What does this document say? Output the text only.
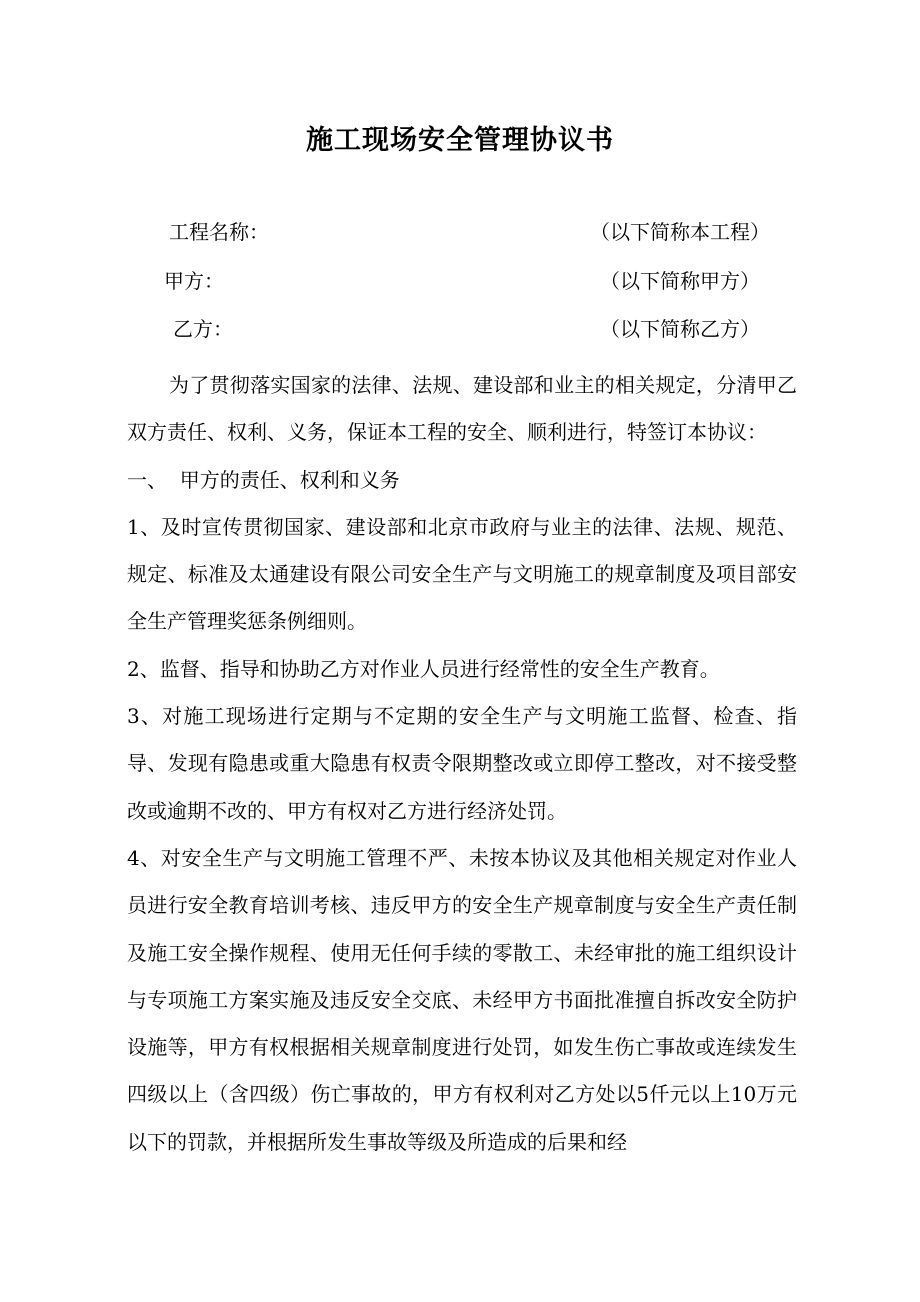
施工现场安全管理协议书
工程名称：	（以下简称本工程）
甲方：	（以下简称甲方）
乙方：	（以下简称乙方）

为了贯彻落实国家的法律、法规、建设部和业主的相关规定，分清甲乙双方责任、权利、义务，保证本工程的安全、顺利进行，特签订本协议：

一、  甲方的责任、权利和义务

1、及时宣传贯彻国家、建设部和北京市政府与业主的法律、法规、规范、规定、标准及太通建设有限公司安全生产与文明施工的规章制度及项目部安全生产管理奖惩条例细则。

2、监督、指导和协助乙方对作业人员进行经常性的安全生产教育。

3、对施工现场进行定期与不定期的安全生产与文明施工监督、检查、指导、发现有隐患或重大隐患有权责令限期整改或立即停工整改，对不接受整改或逾期不改的、甲方有权对乙方进行经济处罚。

4、对安全生产与文明施工管理不严、未按本协议及其他相关规定对作业人员进行安全教育培训考核、违反甲方的安全生产规章制度与安全生产责任制及施工安全操作规程、使用无任何手续的零散工、未经审批的施工组织设计与专项施工方案实施及违反安全交底、未经甲方书面批准擅自拆改安全防护设施等，甲方有权根据相关规章制度进行处罚，如发生伤亡事故或连续发生四级以上（含四级）伤亡事故的，甲方有权利对乙方处以5仟元以上10万元以下的罚款，并根据所发生事故等级及所造成的后果和经
